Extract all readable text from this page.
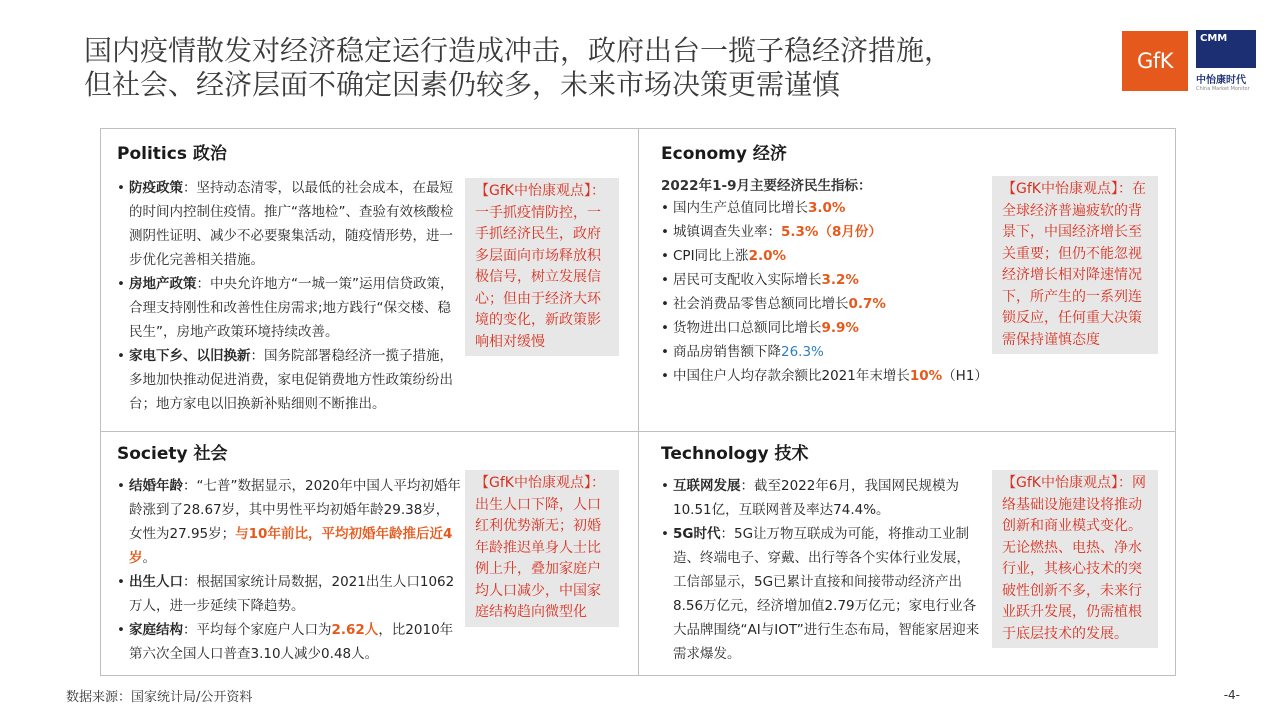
国内疫情散发对经济稳定运行造成冲击，政府出台一揽子稳经济措施，
但社会、经济层面不确定因素仍较多，未来市场决策更需谨慎
GfK
CMM
中怡康时代
China Market Monitor
Politics 政治
• 防疫政策：坚持动态清零，以最低的社会成本，在最短的时间内控制住疫情。推广“落地检”、查验有效核酸检测阴性证明、减少不必要聚集活动，随疫情形势，进一步优化完善相关措施。
• 房地产政策：中央允许地方“一城一策”运用信贷政策，合理支持刚性和改善性住房需求;地方践行“保交楼、稳民生”，房地产政策环境持续改善。
• 家电下乡、以旧换新：国务院部署稳经济一揽子措施，多地加快推动促进消费，家电促销费地方性政策纷纷出台；地方家电以旧换新补贴细则不断推出。
【GfK中怡康观点】：一手抓疫情防控，一手抓经济民生，政府多层面向市场释放积极信号，树立发展信心；但由于经济大环境的变化，新政策影响相对缓慢
Economy 经济
2022年1-9月主要经济民生指标：
• 国内生产总值同比增长3.0%
• 城镇调查失业率：5.3%（8月份）
• CPI同比上涨2.0%
• 居民可支配收入实际增长3.2%
• 社会消费品零售总额同比增长0.7%
• 货物进出口总额同比增长9.9%
• 商品房销售额下降26.3%
• 中国住户人均存款余额比2021年末增长10%（H1）
【GfK中怡康观点】：在全球经济普遍疲软的背景下，中国经济增长至关重要；但仍不能忽视经济增长相对降速情况下，所产生的一系列连锁反应，任何重大决策需保持谨慎态度
Society 社会
• 结婚年龄：“七普”数据显示，2020年中国人平均初婚年龄涨到了28.67岁，其中男性平均初婚年龄29.38岁，女性为27.95岁；与10年前比，平均初婚年龄推后近4岁。
• 出生人口：根据国家统计局数据，2021出生人口1062万人，进一步延续下降趋势。
• 家庭结构：平均每个家庭户人口为2.62人，比2010年第六次全国人口普查3.10人减少0.48人。
【GfK中怡康观点】：出生人口下降，人口红利优势渐无；初婚年龄推迟单身人士比例上升，叠加家庭户均人口减少，中国家庭结构趋向微型化
Technology 技术
• 互联网发展：截至2022年6月，我国网民规模为10.51亿，互联网普及率达74.4%。
• 5G时代：5G让万物互联成为可能，将推动工业制造、终端电子、穿戴、出行等各个实体行业发展， 工信部显示，5G已累计直接和间接带动经济产出8.56万亿元，经济增加值2.79万亿元；家电行业各大品牌围绕“AI与IOT”进行生态布局，智能家居迎来需求爆发。
【GfK中怡康观点】：网络基础设施建设将推动创新和商业模式变化。无论燃热、电热、净水行业，其核心技术的突破性创新不多，未来行业跃升发展，仍需植根于底层技术的发展。
数据来源：国家统计局/公开资料	-4-
